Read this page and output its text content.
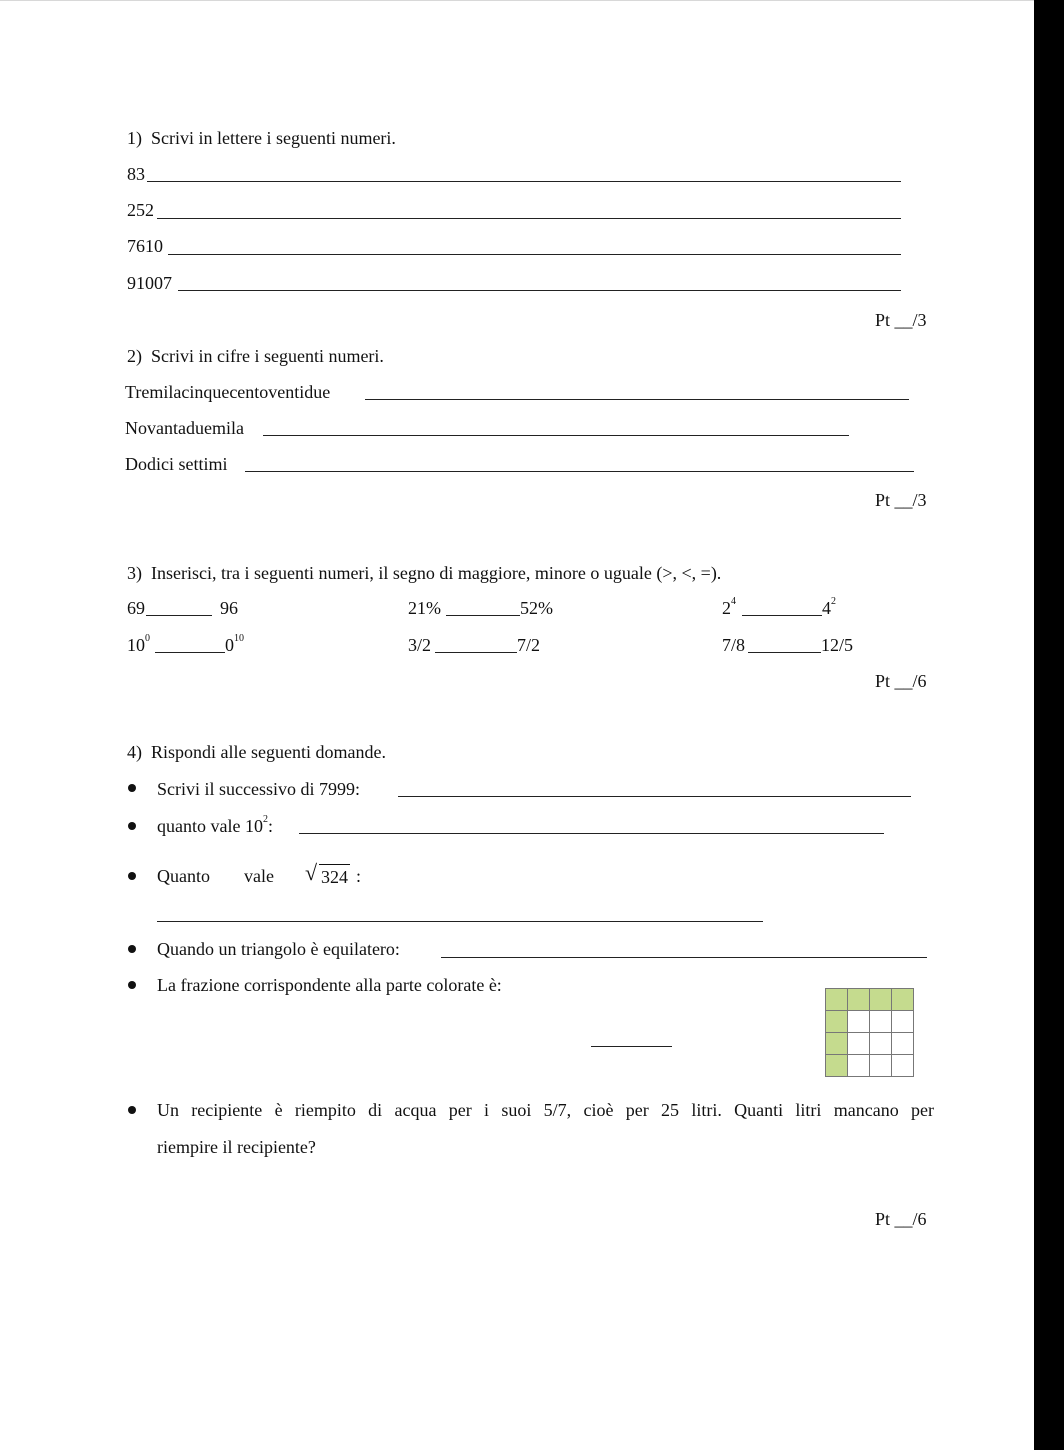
1) Scrivi in lettere i seguenti numeri.
83
252
7610
91007
Pt __/3
2) Scrivi in cifre i seguenti numeri.
Tremilacinquecentoventidue
Novantaduemila
Dodici settimi
Pt __/3
3) Inserisci, tra i seguenti numeri, il segno di maggiore, minore o uguale (>, <, =).
69	96	21%	52%	$2^4$	$4^2$
$10^0$	$0^{10}$	3/2	7/2	7/8	12/5
Pt __/6
4) Rispondi alle seguenti domande.
Scrivi il successivo di 7999:
quanto vale $10^2$:
Quanto vale √ 324 :
Quando un triangolo è equilatero:
La frazione corrispondente alla parte colorate è:
Un recipiente è riempito di acqua per i suoi 5/7, cioè per 25 litri. Quanti litri mancano per
riempire il recipiente?
Pt __/6
